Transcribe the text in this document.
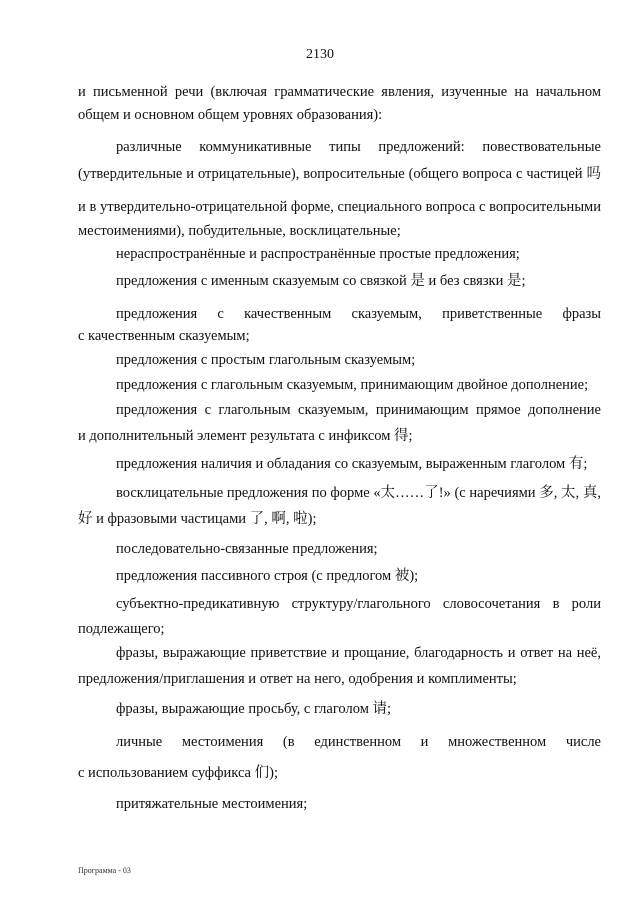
2130
и письменной речи (включая грамматические явления, изученные на начальном
общем и основном общем уровнях образования):
различные коммуникативные типы предложений: повествовательные
(утвердительные и отрицательные), вопросительные (общего вопроса с частицей 吗
и в утвердительно-отрицательной форме, специального вопроса с вопросительными
местоимениями), побудительные, восклицательные;
нераспространённые и распространённые простые предложения;
предложения с именным сказуемым со связкой 是 и без связки 是;
предложения с качественным сказуемым, приветственные фразы
с качественным сказуемым;
предложения с простым глагольным сказуемым;
предложения с глагольным сказуемым, принимающим двойное дополнение;
предложения с глагольным сказуемым, принимающим прямое дополнение
и дополнительный элемент результата с инфиксом 得;
предложения наличия и обладания со сказуемым, выраженным глаголом 有;
восклицательные предложения по форме «太……了!» (с наречиями 多, 太, 真,
好 и фразовыми частицами 了, 啊, 啦);
последовательно-связанные предложения;
предложения пассивного строя (с предлогом 被);
субъектно-предикативную структуру/глагольного словосочетания в роли
подлежащего;
фразы, выражающие приветствие и прощание, благодарность и ответ на неё,
предложения/приглашения и ответ на него, одобрения и комплименты;
фразы, выражающие просьбу, с глаголом 请;
личные местоимения (в единственном и множественном числе
с использованием суффикса 们);
притяжательные местоимения;
Программа - 03
